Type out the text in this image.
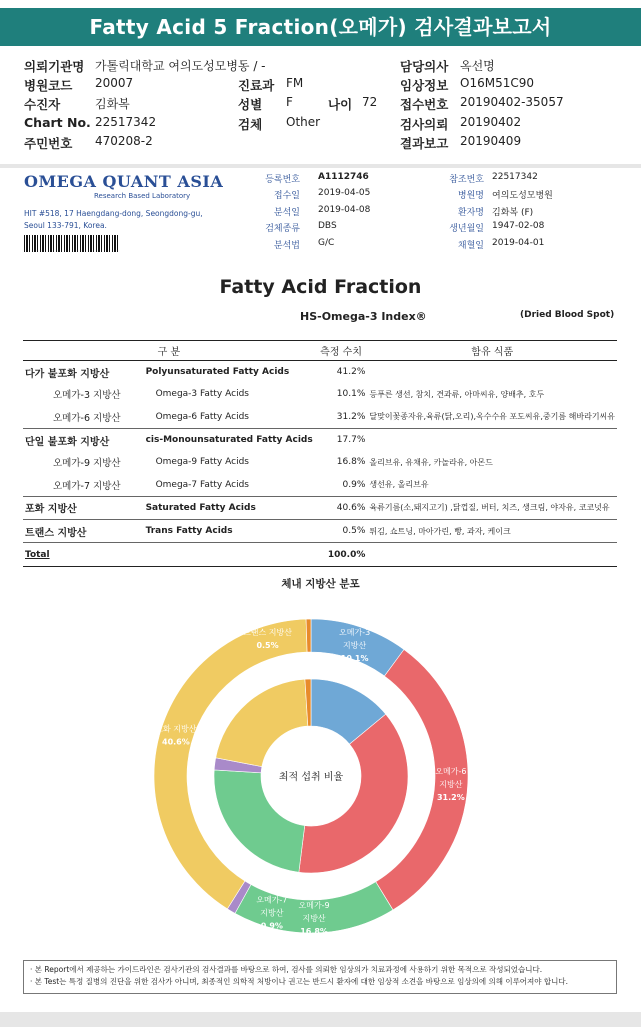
Fatty Acid 5 Fraction(오메가) 검사결과보고서
의뢰기관명 가톨릭대학교 여의도성모병동 / -
병원코드 20007
수진자	김화복
Chart No. 22517342
주민번호 470208-2
진료과 FM
성별 F
검체 Other
나이 72
담당의사 옥선명
임상정보 O16M51C90
접수번호 20190402-35057
검사의뢰 20190402
결과보고 20190409
OMEGA QUANT ASIA
Research Based Laboratory
HIT #518, 17 Haengdang-dong, Seongdong-gu,
Seoul 133-791, Korea.
등록번호 A1112746
접수일 2019-04-05
분석일 2019-04-08
검체종류 DBS
분석법 G/C
참조번호 22517342
병원명 여의도성모병원
환자명 김화복 (F)
생년월일 1947-02-08
채혈일 2019-04-01
Fatty Acid Fraction
HS-Omega-3 Index®	(Dried Blood Spot)
구 분		측정 수치	함유 식품
다가 불포화 지방산	Polyunsaturated Fatty Acids	41.2%	
오메가-3 지방산	Omega-3 Fatty Acids	10.1%	등푸른 생선, 참치, 견과류, 아마씨유, 양배추, 호두
오메가-6 지방산	Omega-6 Fatty Acids	31.2%	달맞이꽃종자유,육류(닭,오리),옥수수유 포도씨유,중기름 해바라기씨유
단일 불포화 지방산	cis-Monounsaturated Fatty Acids	17.7%	
오메가-9 지방산	Omega-9 Fatty Acids	16.8%	올리브유, 유채유, 카놀라유, 아몬드
오메가-7 지방산	Omega-7 Fatty Acids	0.9%	생선유, 올리브유
포화 지방산	Saturated Fatty Acids	40.6%	육류기름(소,돼지고기) ,닭껍질, 버터, 치즈, 생크림, 야자유, 코코넛유
트랜스 지방산	Trans Fatty Acids	0.5%	튀김, 쇼트닝, 마아가린, 빵, 과자, 케이크
Total		100.0%	
체내 지방산 분포
최적 섭취 비율
오메가-3
지방산
10.1%
오메가-6
지방산
31.2%
오메가-9
지방산
16.8%
오메가-7
지방산
0.9%
포화 지방산
40.6%
트랜스 지방산
0.5%
· 본 Report에서 제공하는 가이드라인은 검사기관의 검사결과를 바탕으로 하여, 검사를 의뢰한 임상의가 치료과정에 사용하기 위한 목적으로 작성되었습니다.
· 본 Test는 특정 질병의 진단을 위한 검사가 아니며, 최종적인 의학적 처방이나 권고는 반드시 환자에 대한 임상적 소견을 바탕으로 임상의에 의해 이루어져야 합니다.
